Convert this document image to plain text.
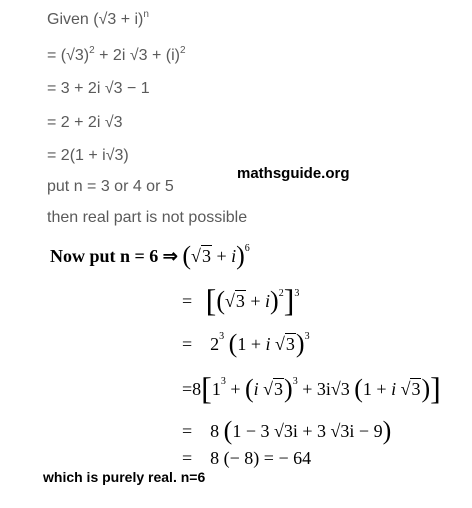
Given $(√3 + i)^n$
= $(√3)^2 + 2i$ $√3 + (i)^2$
= 3 + 2i √3 − 1
= 2 + 2i √3
= 2(1 + i√3)
put n = 3 or 4 or 5
then real part is not possible
mathsguide.org
Now put n = 6 ⇒ $(√3 + i)^6$
= $[(√3 + i)^2]^3$
= $2^3$ (1 + i √3)$^3$
$=8[1^3 + (i$ √3)$^3$ + 3i√3 (1 + i √3)]
= 8 (1 − 3 √3i + 3 √3i − 9)
= 8 (− 8) = − 64
which is purely real. n=6
